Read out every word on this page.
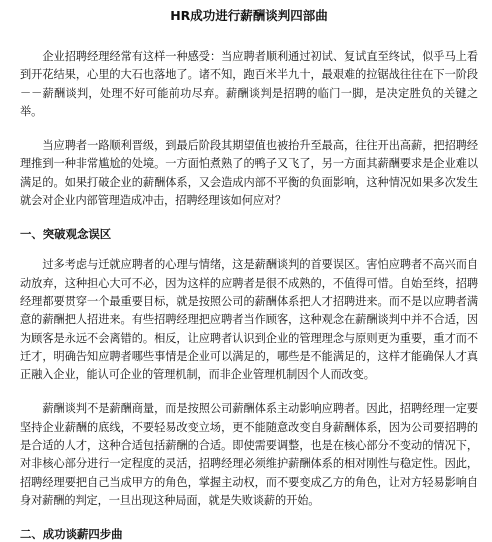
HR成功进行薪酬谈判四部曲

企业招聘经理经常有这样一种感受：当应聘者顺利通过初试、复试直至终试，似乎马上看到开花结果，心里的大石也落地了。诸不知，跑百米半九十，最艰难的拉锯战往往在下一阶段－－薪酬谈判，处理不好可能前功尽弃。薪酬谈判是招聘的临门一脚，是决定胜负的关键之举。

当应聘者一路顺利晋级，到最后阶段其期望值也被抬升至最高，往往开出高薪，把招聘经理推到一种非常尴尬的处境。一方面怕煮熟了的鸭子又飞了，另一方面其薪酬要求是企业难以满足的。如果打破企业的薪酬体系，又会造成内部不平衡的负面影响，这种情况如果多次发生就会对企业内部管理造成冲击，招聘经理该如何应对？

一、突破观念误区

过多考虑与迁就应聘者的心理与情绪，这是薪酬谈判的首要误区。害怕应聘者不高兴而自动放弃，这种担心大可不必，因为这样的应聘者是很不成熟的，不值得可惜。自始至终，招聘经理都要贯穿一个最重要目标，就是按照公司的薪酬体系把人才招聘进来。而不是以应聘者满意的薪酬把人招进来。有些招聘经理把应聘者当作顾客，这种观念在薪酬谈判中并不合适，因为顾客是永远不会离错的。相反，让应聘者认识到企业的管理理念与原则更为重要，重才而不迁才，明确告知应聘者哪些事情是企业可以满足的，哪些是不能满足的，这样才能确保人才真正融入企业，能认可企业的管理机制，而非企业管理机制因个人而改变。

薪酬谈判不是薪酬商量，而是按照公司薪酬体系主动影响应聘者。因此，招聘经理一定要坚持企业薪酬的底线，不要轻易改变立场，更不能随意改变自身薪酬体系，因为公司要招聘的是合适的人才，这种合适包括薪酬的合适。即使需要调整，也是在核心部分不变动的情况下，对非核心部分进行一定程度的灵活，招聘经理必须维护薪酬体系的相对刚性与稳定性。因此，招聘经理要把自己当成甲方的角色，掌握主动权，而不要变成乙方的角色，让对方轻易影响自身对薪酬的判定，一旦出现这种局面，就是失败谈薪的开始。

二、成功谈薪四步曲
